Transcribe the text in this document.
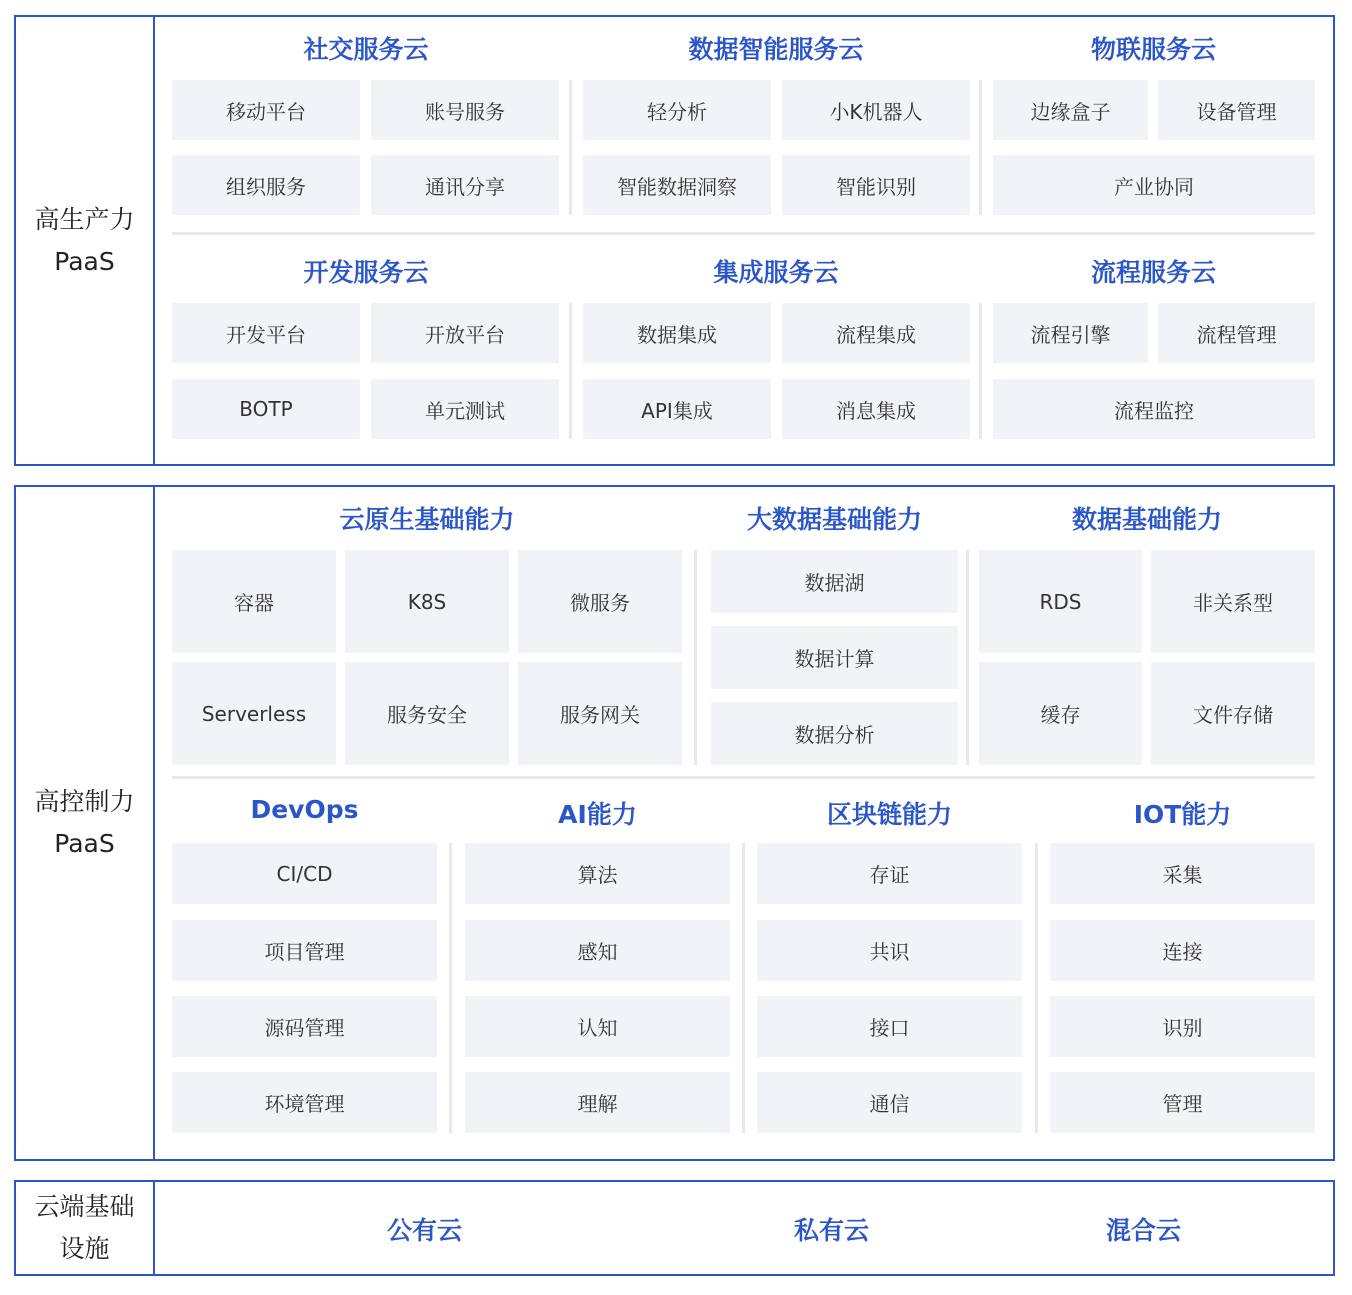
高生产力
PaaS
社交服务云	数据智能服务云	物联服务云
移动平台	账号服务
组织服务	通讯分享
轻分析	小K机器人
智能数据洞察	智能识别
边缘盒子	设备管理
产业协同
开发服务云	集成服务云	流程服务云
开发平台	开放平台
BOTP	单元测试
数据集成	流程集成
API集成	消息集成
流程引擎	流程管理
流程监控
高控制力
PaaS
云原生基础能力	大数据基础能力	数据基础能力
容器	K8S	微服务
Serverless	服务安全	服务网关
数据湖
数据计算
数据分析
RDS	非关系型
缓存	文件存储
DevOps	AI能力	区块链能力	IOT能力
CI/CD
项目管理
源码管理
环境管理
算法
感知
认知
理解
存证
共识
接口
通信
采集
连接
识别
管理
云端基础
设施
公有云	私有云	混合云
